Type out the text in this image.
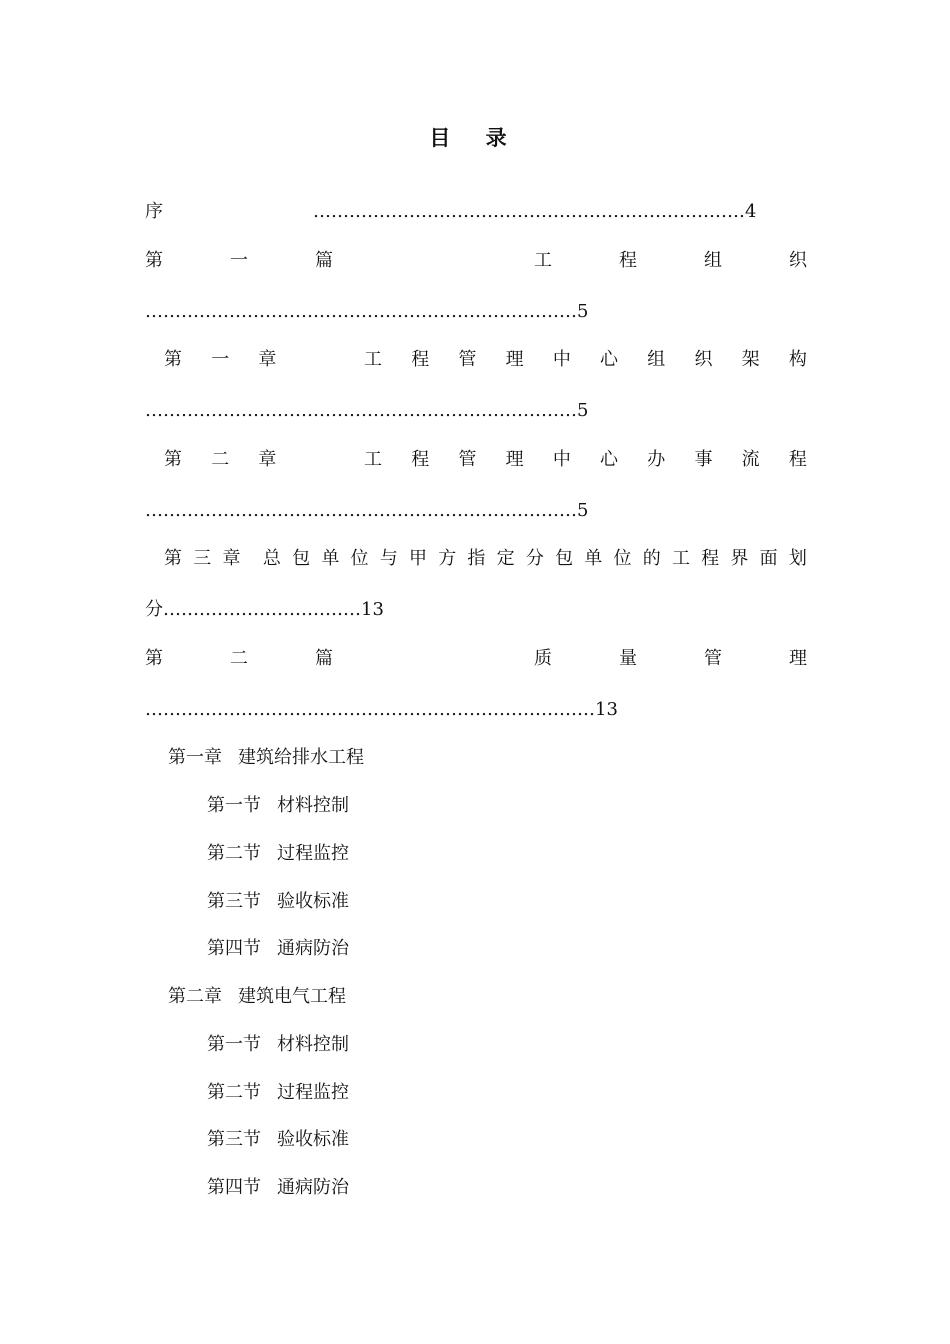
目 录
序	………………………………………………………………4
第	一	篇	工	程	组	织
………………………………………………………………5
第 一 章	工 程 管 理 中 心 组 织 架 构
………………………………………………………………5
第 二 章	工 程 管 理 中 心 办 事 流 程
………………………………………………………………5
第 三 章 总 包 单 位 与 甲 方 指 定 分 包 单 位 的 工 程 界 面 划
分……………………………13
第	二	篇	质	量	管	理
…………………………………………………………………13
第一章 建筑给排水工程
第一节 材料控制
第二节 过程监控
第三节 验收标准
第四节 通病防治
第二章 建筑电气工程
第一节 材料控制
第二节 过程监控
第三节 验收标准
第四节 通病防治
